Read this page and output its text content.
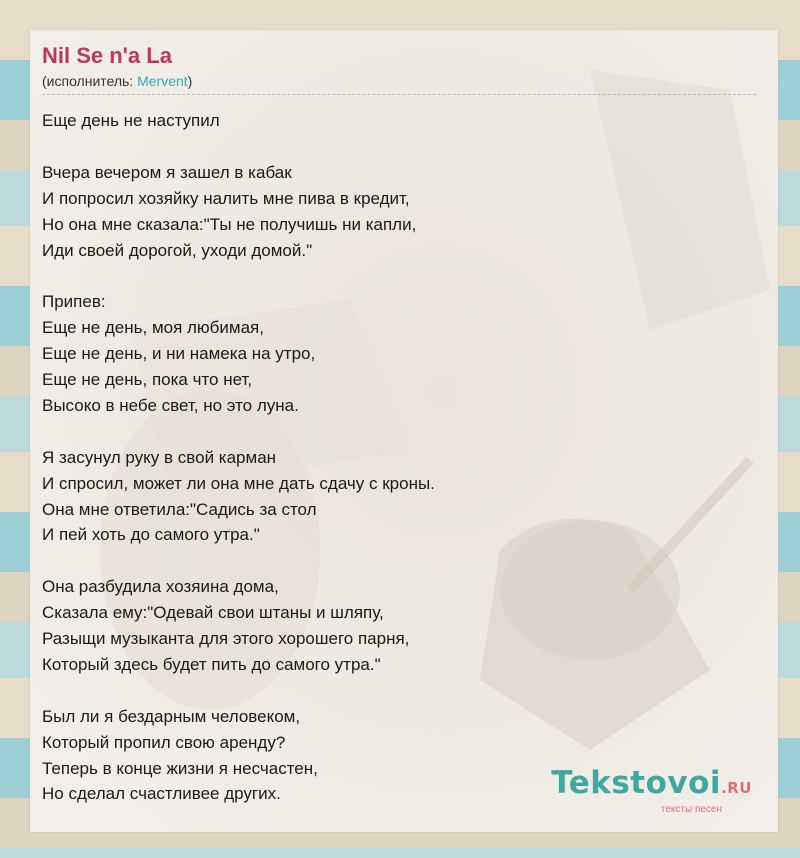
Nil Se n'a La
(исполнитель: Mervent)
Еще день не наступил
Вчера вечером я зашел в кабак
И попросил хозяйку налить мне пива в кредит,
Но она мне сказала:"Ты не получишь ни капли,
Иди своей дорогой, уходи домой."
Припев:
Еще не день, моя любимая,
Еще не день, и ни намека на утро,
Еще не день, пока что нет,
Высоко в небе свет, но это луна.
Я засунул руку в свой карман
И спросил, может ли она мне дать сдачу с кроны.
Она мне ответила:"Садись за стол
И пей хоть до самого утра."
Она разбудила хозяина дома,
Сказала ему:"Одевай свои штаны и шляпу,
Разыщи музыканта для этого хорошего парня,
Который здесь будет пить до самого утра."
Был ли я бездарным человеком,
Который пропил свою аренду?
Теперь в конце жизни я несчастен,
Но сделал счастливее других.	Tekstovoi.RU
тексты песен
